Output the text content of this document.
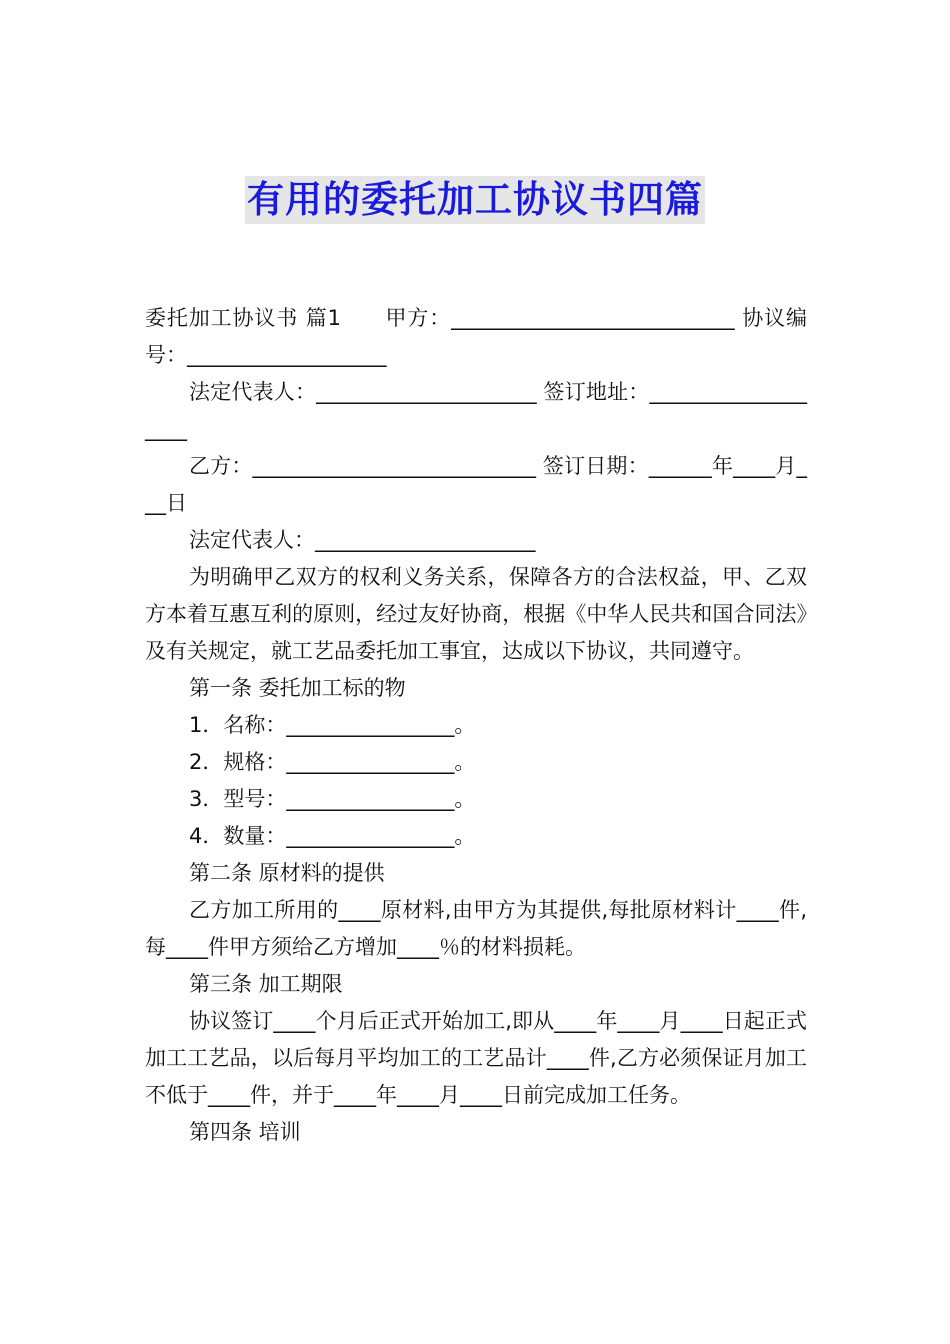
有用的委托加工协议书四篇

委托加工协议书 篇1　　甲方：___________________________ 协议编号：___________________

法定代表人：_____________________ 签订地址：___________________

乙方：___________________________ 签订日期：______年____月___日

法定代表人：_____________________

为明确甲乙双方的权利义务关系，保障各方的合法权益，甲、乙双方本着互惠互利的原则，经过友好协商，根据《中华人民共和国合同法》及有关规定，就工艺品委托加工事宜，达成以下协议，共同遵守。

第一条 委托加工标的物

1．名称：________________。

2．规格：________________。

3．型号：________________。

4．数量：________________。

第二条 原材料的提供

乙方加工所用的____原材料,由甲方为其提供,每批原材料计____件,每____件甲方须给乙方增加____％的材料损耗。

第三条 加工期限

协议签订____个月后正式开始加工,即从____年____月____日起正式加工工艺品，以后每月平均加工的工艺品计____件,乙方必须保证月加工不低于____件，并于____年____月____日前完成加工任务。

第四条 培训
